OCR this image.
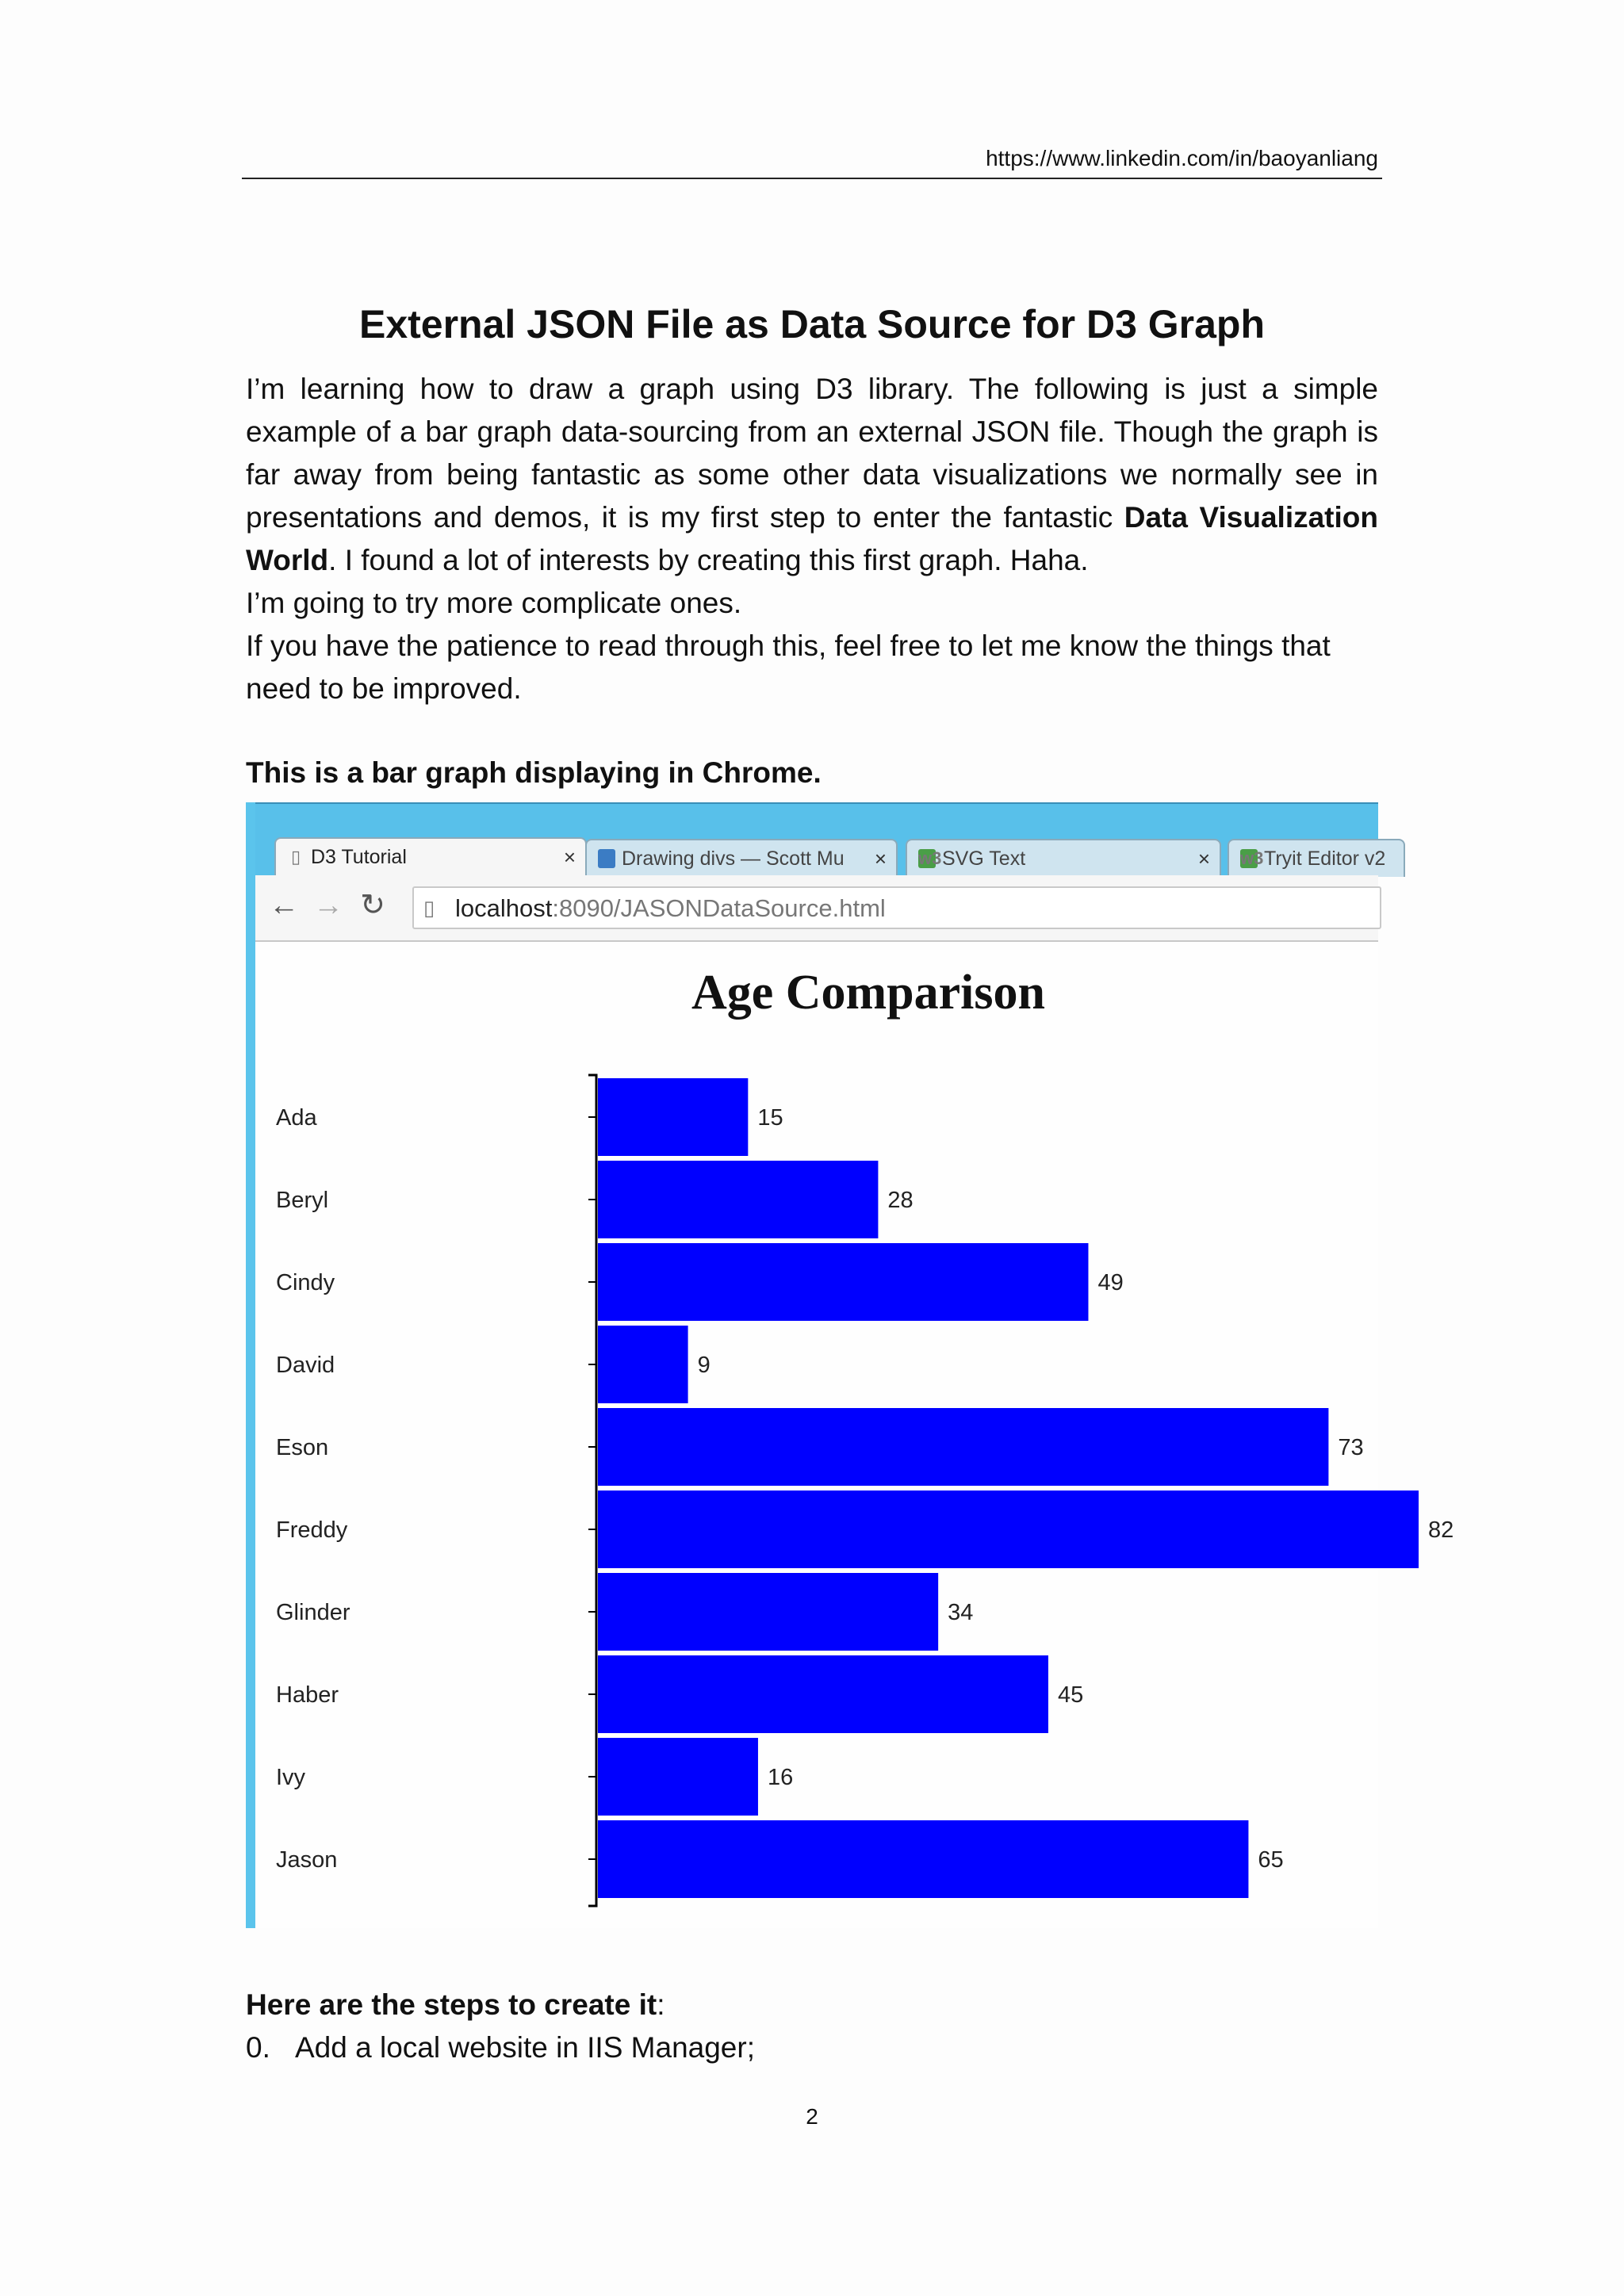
https://www.linkedin.com/in/baoyanliang
External JSON File as Data Source for D3 Graph

I’m learning how to draw a graph using D3 library. The following is just a simple example of a bar graph data-sourcing from an external JSON file. Though the graph is far away from being fantastic as some other data visualizations we normally see in presentations and demos, it is my first step to enter the fantastic Data Visualization World. I found a lot of interests by creating this first graph. Haha.

I’m going to try more complicate ones.

If you have the patience to read through this, feel free to let me know the things that need to be improved.

This is a bar graph displaying in Chrome.

▯ D3 Tutorial	× Drawing divs — Scott Mu × w3 SVG Text	× w3 Tryit Editor v2
← → ↻ ▯ localhost:8090/JASONDataSource.html
Age Comparison
Ada	15
Beryl	28
Cindy	49
David	9
Eson	73
Freddy	82
Glinder	34
Haber	45
Ivy	16
Jason	65

Here are the steps to create it:

0. Add a local website in IIS Manager;

2
